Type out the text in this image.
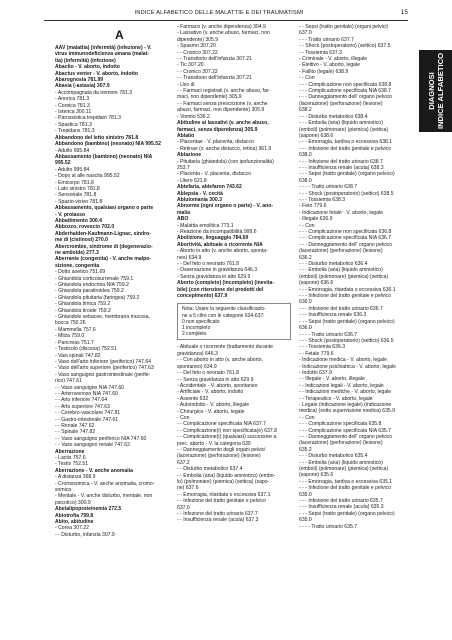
INDICE ALFABETICO DELLE MALATTIE E DEI TRAUMATISMI	15
A
AAV (malattia) (infermità) (infezione) - V.
virus immunodeficienza umana (malat-
tia) (infermità) (infezione)
Abactio - V. aborto, indotto
Abactus venter - V. aborto, indotto
Abarognosia 781.99
Abasia (-astasia) 307.9
- Accompagnata da tremore 781.3
- Anorica 781.3
- Coreica 781.3
- Isterica 300.11
- Parossistica trepidant 781.3
- Spastica 781.3
- Trepidans 781.3
Abbandono del letto sinistro 781.8
Abbandono (bambino) (neonato) NIA 995.52
- Adulto 995.84
Abbassamento (bambino) (neonato) NIA
995.52
- Adulto 995.84
- Dopo al alle nascita 995.52
- Emicorpo 781.8
- Lato sinistro 781.8
- Sensoriale 781.8
- Spazio-visivo 781.8
Abbassamento, qualsiasi organo o parte
- V. prolasso
Abbattimento 300.4
Abbozzo, rovescio 702.0
Abderhalden-Kaufmann-Lignac, sindro-
me di (cistinosi) 270.0
Abercrombie, sindrome di (degenerazio-
ne amiloide) 277.3
Aberrante (congenita) - V. anche malpo-
sizione, congenita
- Dotto aoetico 751.69
- Ghiandola corticosurrenale 759.1
- Ghiandola endocrina NIA 759.2
- Ghiandola paratiroidea 759.2
- Ghiandola pituitaria (faringea) 759.2
- Ghiandola timica 759.2
- Ghiandola tiroide 759.2
- Ghiandole sebacee, membrana mucosa,
bocca 750.26
- Mammella 757.6
- Milza 759.0
- Pancreas 751.7
- Testicolo (discesa) 752.51
- Vasi spinali 747.82
- Vaso dell'arto inferiore (periferico) 747.64
- Vaso dell'arto superiore (periferico) 747.63
- Vaso sanguigno gastrointestinale (perife-
rico) 747.61
- - Vaso sanguigno NIA 747.60
- - Arterovenoso NIA 747.60
- - Arto inferiore 747.64
- - Arto superiore 747.63
- - Cerebro-vascolare 747.81
- - Gastro-intestinale 747.61
- - Renale 747.62
- - Spinale 747.82
- - Vaso sanguigno periferico NIA 747.60
- - Vaso sanguigno renale 747.62
Aberrazione
- Lactis 757.6
- Testis 752.51
Aberrazione - V. anche anomalia
- A distanza 368.9
- Cromosomica - V. anche anomalia, cromo-
somica
- Mentale - V. anche disturbo, mentale, non
psicotico) 300.9
Abetalipoproteinemia 272.5
Abiotrofia 799.8
Abito, abitudine
- Corea 307.22
- - Disturbo, infanzia 307.9
- Farmaco (v. anche dipendenza) 304.9
- Lassativo (v. anche abuso, farmaci, non
dipendente) 305.9
- Spasmo 307.20
- - Cronico 307.22
- - Transitorio dell'infanzia 307.21
- Tic 307.20
- - Cronico 307.22
- - Transitorio dell'infanzia 307.21
- Uso di
- - Farmaci registrati (v. anche abuso, far-
maci, non dipendente) 305.9
- - Farmaci senza prescrizione (v. anche
abuso, farmaci, non dipendente) 305.9
- Vomito 536.2
Abitudine ai lassativi (v. anche abuso,
farmaci, senza dipendenza) 305.9
Ablatio
- Placentae - V. placenta, distacco
- Retinae (v. anche distacco, retina) 361.9
Ablazione
- Pituitaria (ghiandola) (con ipofunzionalità)
253.7
- Placenta - V. placenta, distacco
- Utero 621.8
Abtefaria, ablefaron 743.62
Ablepsia - V. cecità
Ablutomania 300.3
Abnorme (ogni organo o parte) - V. ano-
malia
ABO
- Malattia emolitica 773.1
- Reazione da incompatibilità 999.6
Abolizione, linguaggio 784.69
Abortività, abituale o ricorrente NIA
- Aborto in atto (v. anche aborto, sponta-
neo) 634.9
- - Del feto o neonato 761.8
- Osservazione in gravidanza 646.3
- Senza gravidanza in atto 629.9
Aborto (completo) (incompleto) (inevita-
bile) (con ritenzione dei prodotti del
concepimento) 637.9
Nota: Usare la seguente classificazio-
ne a 5 cifre con le categorie 634-637:
0 non specificato
1 incompleto
2 completo
- Abituale o ricorrente (trattamento durante
gravidanza) 646.3
- - Con aborto in atto (v. anche aborto,
spontaneo) 634.9
- - Del feto o neonato 761.8
- - Senza gravidanza in atto 629.9
- Accidentale - V. aborto, spontaneo
- Artificiale - V. aborto, indotto
- Assente 632
- Autoindotto - V. aborto, illegale
- Chirurgico - V. aborto, legale
- Con
- - Complicazione specificata NIA 637.7
- - Complicazione(i) non specificata(e) 637.8
- - Complicazione(i) (qualsiasi) successive a
prec. aborto - V. la categoria 639
- - Danneggiamento degli organi pelvici
(lacerazione) (perforazione) (lesione)
637.2
- - Disturbo metabolico 637.4
- - Embolia (aria) (liquido amniotico) (embo-
lo) (polmonare) (piemica) (settica) (sapo-
ne) 637.6
- - Emorragia, ritardata o eccessiva 637.1
- - Infezione del tratto genitale e pelvico
637.0
- - Infezione del tratto urinario 637.7
- - Insufficienza renale (acuta) 637.3
- - Sepsi (tratto genitale) (organi pelvici)
637.0
- - - Tratto urinario 637.7
- - Shock (postoperatorio) (settico) 637.5
- - Tossiemia 637.3
- Criminale - V. aborto, illegale
- Elettivo - V. aborto, legale
- Fallito (legale) 638.9
- - Con
- - - Complicazione non specificata 638.8
- - - Complicazione specificata NIA 638.7
- - - Danneggiamento dell' organo pelvico
(lacerazione) (perforazione) (lesione)
638.2
- - - Disturbo metabolico 638.4
- - - Embolia (aria) (liquido amniotico)
(emboli) (polmonare) (piemica) (settica)
(sapone) 638.6
- - - Emorragia, tardiva o eccessiva 638.1
- - - Infezione del tratto genitale e pelvico
638.0
- - - Infezione del tratto urinario 638.7
- - - Insufficienza renale (acuta) 638.3
- - - Sepsi (tratto genitale) (organo pelvico)
638.0
- - - - Tratto urinario 638.7
- - - Shock (postoperatorio) (settico) 638.5
- - - Tossiemia 638.3
- Feto 779.6
- Indicazione fetale - V. aborto, legale
- Illegale 636.9
- - Con
- - - Complicazione non specificata 636.8
- - - Complicazione specificata NIA 636.7
- - - Danneggiamento dell' organo pelvico
(lacerazione) (perforazione) (lesione)
636.2
- - - Disturbo metabolico 636.4
- - - Embolia (aria) (liquido amniotico)
(emboli) (polmonare) (piemica) (settica)
(sapone) 636.6
- - - Emorragia, ritardata o eccessiva 636.1
- - - Infezione del tratto genitale e pelvico
636.0
- - - Infezione del tratto urinario 636.7
- - - Insufficienza renale 636.3
- - - Sepsi (tratto genitale) (organo pelvico)
636.0
- - - - Tratto urinario 636.7
- - - Shock (postoperatorio) (settico) 636.5
- - - Tossiemia 636.3
- - Fetale 779.6
- Indicazione medica - V. aborto, legale
- Indicazione psichiatrica - V. aborto, legale
- Indotto 637.9
- - Illegale - V. aborto, illegale
- - Indicazioni legali - V. aborto, legale
- - Indicazioni mediche - V. aborto, legale
- - Terapeutico - V. aborto, legale
- Legale (indicazione legale) (indicazione
medica) (sotto supervisione medica) 635.9
- - Con
- - - Complicazione specificata 635.8
- - - Complicazione specificata NIA 635.7
- - - Danneggiamento dell' organo pelvico
(lacerazione) (perforazione) (lesione)
635.2
- - - Disturbo metabolico 635.4
- - - Embolia (aria) (liquido amniotico)
(emboli) (polmonare) (piemica) (settica)
(sapone) 635.6
- - - Emorragia, tardiva o eccessiva 635.1
- - - Infezione del tratto genitale e pelvico
635.0
- - - Infezione del tratto urinario 635.7
- - - Insufficienza renale (acuta) 635.3
- - - Sepsi (tratto genitale) (organo pelvico)
635.0
- - - - Tratto urinario 635.7
DIAGNOSI INDICE ALFABETICO
